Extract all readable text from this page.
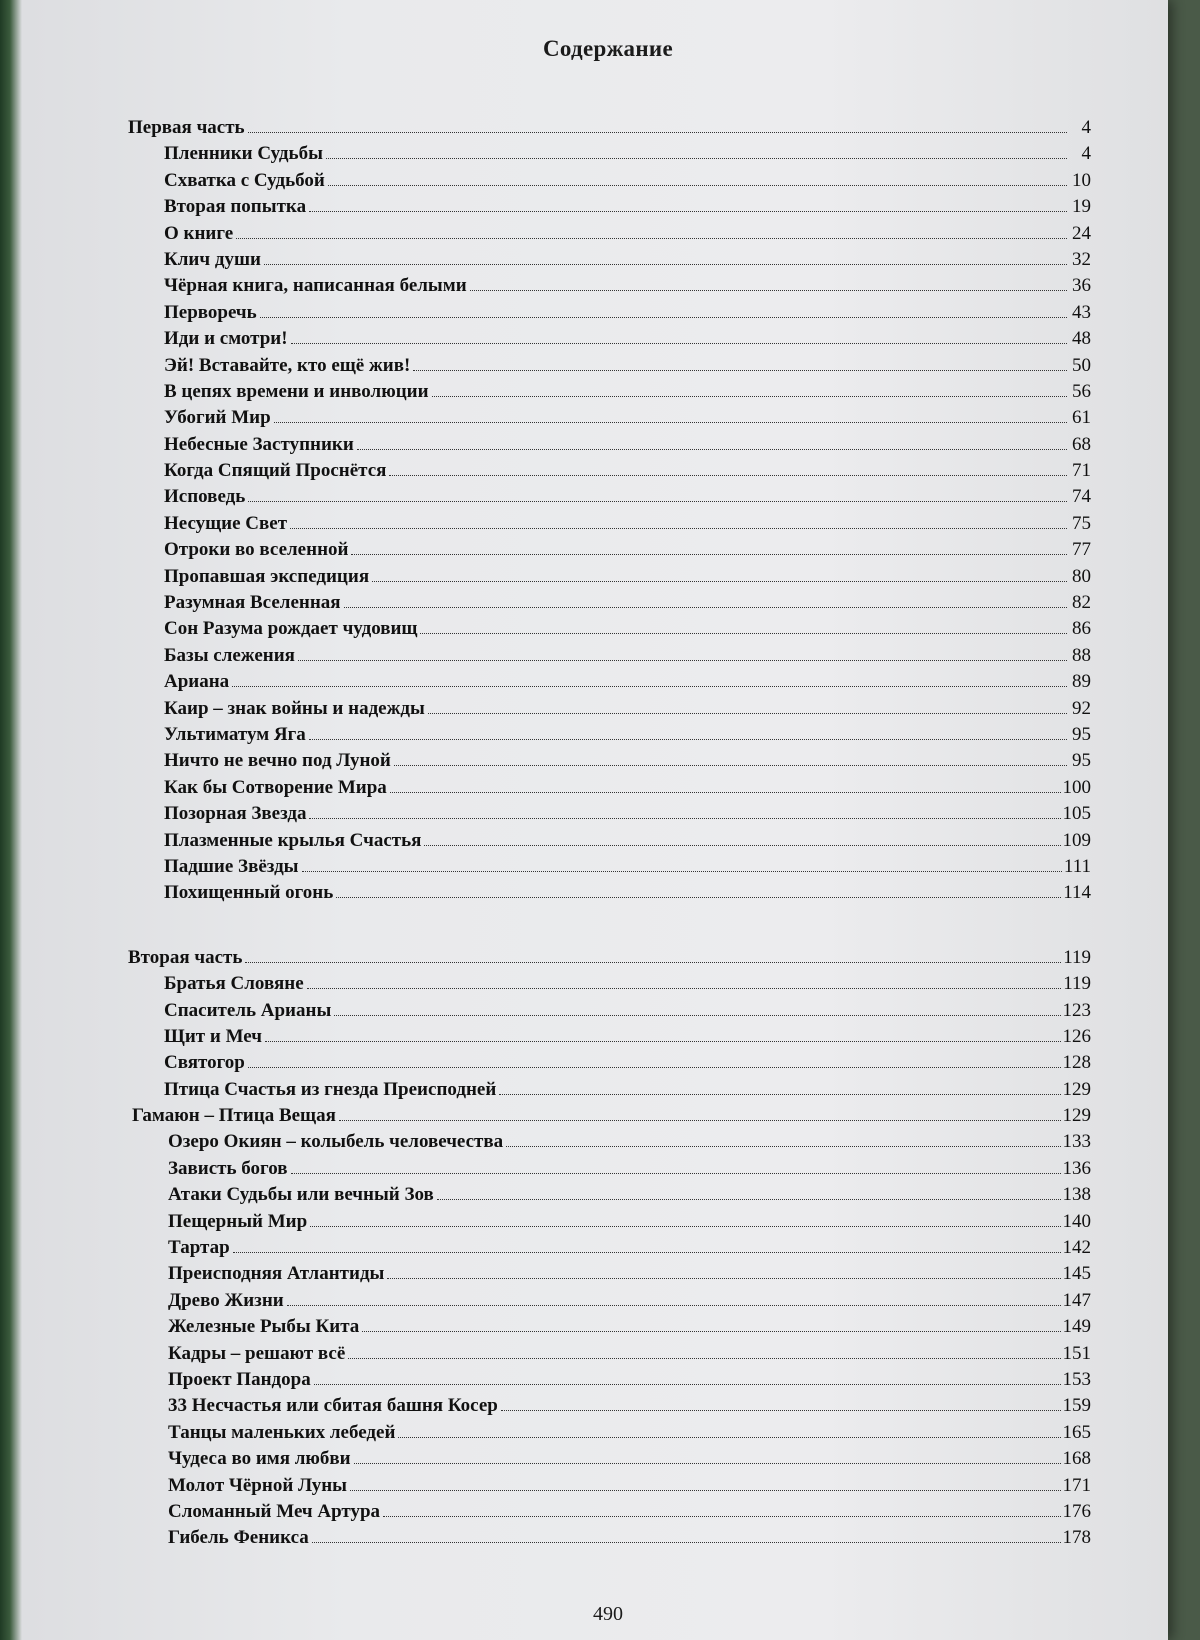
Содержание
Первая часть	4
Пленники Судьбы	4
Схватка с Судьбой	10
Вторая попытка	19
О книге	24
Клич души	32
Чёрная книга, написанная белыми	36
Перворечь	43
Иди и смотри!	48
Эй! Вставайте, кто ещё жив!	50
В цепях времени и инволюции	56
Убогий Мир	61
Небесные Заступники	68
Когда Спящий Проснётся	71
Исповедь	74
Несущие Свет	75
Отроки во вселенной	77
Пропавшая экспедиция	80
Разумная Вселенная	82
Сон Разума рождает чудовищ	86
Базы слежения	88
Ариана	89
Каир – знак войны и надежды	92
Ультиматум Яга	95
Ничто не вечно под Луной	95
Как бы Сотворение Мира	100
Позорная Звезда	105
Плазменные крылья Счастья	109
Падшие Звёзды	111
Похищенный огонь	114
Вторая часть	119
Братья Словяне	119
Спаситель Арианы	123
Щит и Меч	126
Святогор	128
Птица Счастья из гнезда Преисподней	129
Гамаюн – Птица Вещая	129
Озеро Окиян – колыбель человечества	133
Зависть богов	136
Атаки Судьбы или вечный Зов	138
Пещерный Мир	140
Тартар	142
Преисподняя Атлантиды	145
Древо Жизни	147
Железные Рыбы Кита	149
Кадры – решают всё	151
Проект Пандора	153
33 Несчастья или сбитая башня Косер	159
Танцы маленьких лебедей	165
Чудеса во имя любви	168
Молот Чёрной Луны	171
Сломанный Меч Артура	176
Гибель Феникса	178
490
